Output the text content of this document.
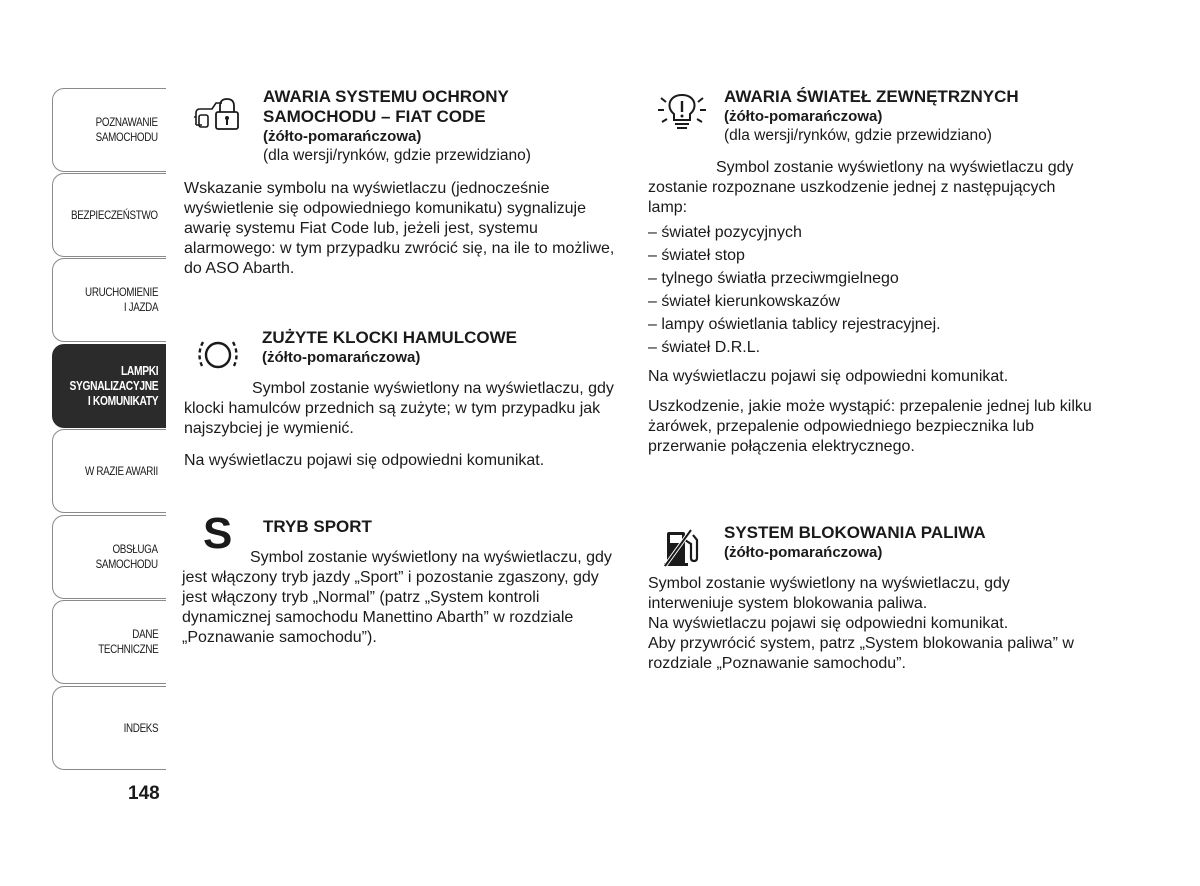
POZNAWANIE
SAMOCHODU
BEZPIECZEŃSTWO
URUCHOMIENIE
I JAZDA
LAMPKI
SYGNALIZACYJNE
I KOMUNIKATY
W RAZIE AWARII
OBSŁUGA
SAMOCHODU
DANE
TECHNICZNE
INDEKS
148
AWARIA SYSTEMU OCHRONY
SAMOCHODU – FIAT CODE
(żółto-pomarańczowa)
(dla wersji/rynków, gdzie przewidziano)

Wskazanie symbolu na wyświetlaczu (jednocześnie wyświetlenie się odpowiedniego komunikatu) sygnalizuje awarię systemu Fiat Code lub, jeżeli jest, systemu alarmowego: w tym przypadku zwrócić się, na ile to możliwe, do ASO Abarth.

ZUŻYTE KLOCKI HAMULCOWE
(żółto-pomarańczowa)

Symbol zostanie wyświetlony na wyświetlaczu, gdy klocki hamulców przednich są zużyte; w tym przypadku jak najszybciej je wymienić.

Na wyświetlaczu pojawi się odpowiedni komunikat.

S TRYB SPORT

Symbol zostanie wyświetlony na wyświetlaczu, gdy jest włączony tryb jazdy „Sport” i pozostanie zgaszony, gdy jest włączony tryb „Normal” (patrz „System kontroli dynamicznej samochodu Manettino Abarth” w rozdziale „Poznawanie samochodu”).

AWARIA ŚWIATEŁ ZEWNĘTRZNYCH
(żółto-pomarańczowa)
(dla wersji/rynków, gdzie przewidziano)

Symbol zostanie wyświetlony na wyświetlaczu gdy zostanie rozpoznane uszkodzenie jednej z następujących lamp:

– świateł pozycyjnych
– świateł stop
– tylnego światła przeciwmgielnego
– świateł kierunkowskazów
– lampy oświetlania tablicy rejestracyjnej.
– świateł D.R.L.

Na wyświetlaczu pojawi się odpowiedni komunikat.

Uszkodzenie, jakie może wystąpić: przepalenie jednej lub kilku żarówek, przepalenie odpowiedniego bezpiecznika lub przerwanie połączenia elektrycznego.

SYSTEM BLOKOWANIA PALIWA
(żółto-pomarańczowa)

Symbol zostanie wyświetlony na wyświetlaczu, gdy interweniuje system blokowania paliwa.

Na wyświetlaczu pojawi się odpowiedni komunikat.

Aby przywrócić system, patrz „System blokowania paliwa” w rozdziale „Poznawanie samochodu”.
